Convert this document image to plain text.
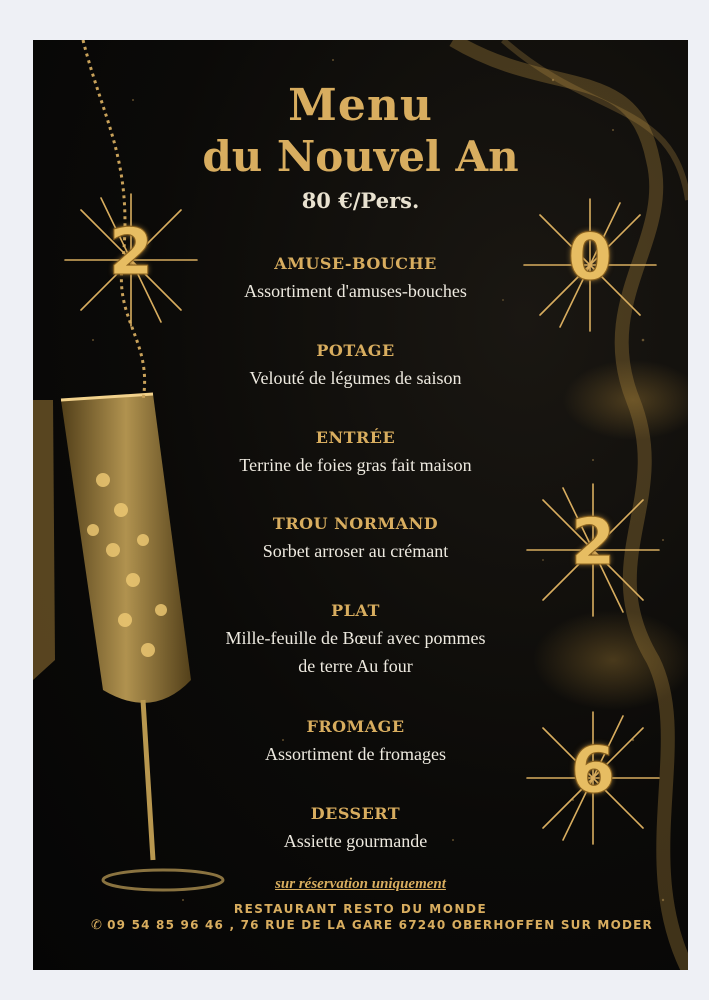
2	0
2
6
Menu
du Nouvel An
80 €/Pers.
AMUSE-BOUCHE
Assortiment d'amuses-bouches
POTAGE
Velouté de légumes de saison
ENTRÉE
Terrine de foies gras fait maison
TROU NORMAND
Sorbet arroser au crémant
PLAT
Mille-feuille de Bœuf avec pommes
de terre Au four
FROMAGE
Assortiment de fromages
DESSERT
Assiette gourmande
sur réservation uniquement
RESTAURANT RESTO DU MONDE
✆ 09 54 85 96 46 , 76 RUE DE LA GARE 67240 OBERHOFFEN SUR MODER
